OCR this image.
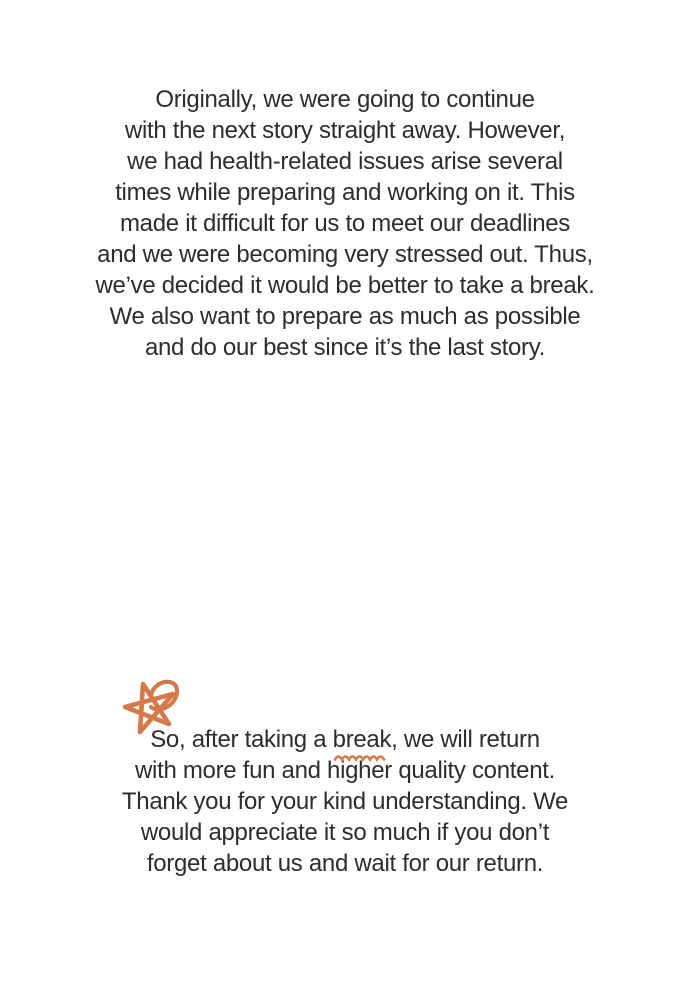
Originally, we were going to continue
with the next story straight away. However,
we had health-related issues arise several
times while preparing and working on it. This
made it difficult for us to meet our deadlines
and we were becoming very stressed out. Thus,
we’ve decided it would be better to take a break.
We also want to prepare as much as possible
and do our best since it’s the last story.
So, after taking a break,
we will return
with more fun and higher quality content.
Thank you for your kind understanding. We
would appreciate it so much if you don’t
forget about us and wait for our return.
